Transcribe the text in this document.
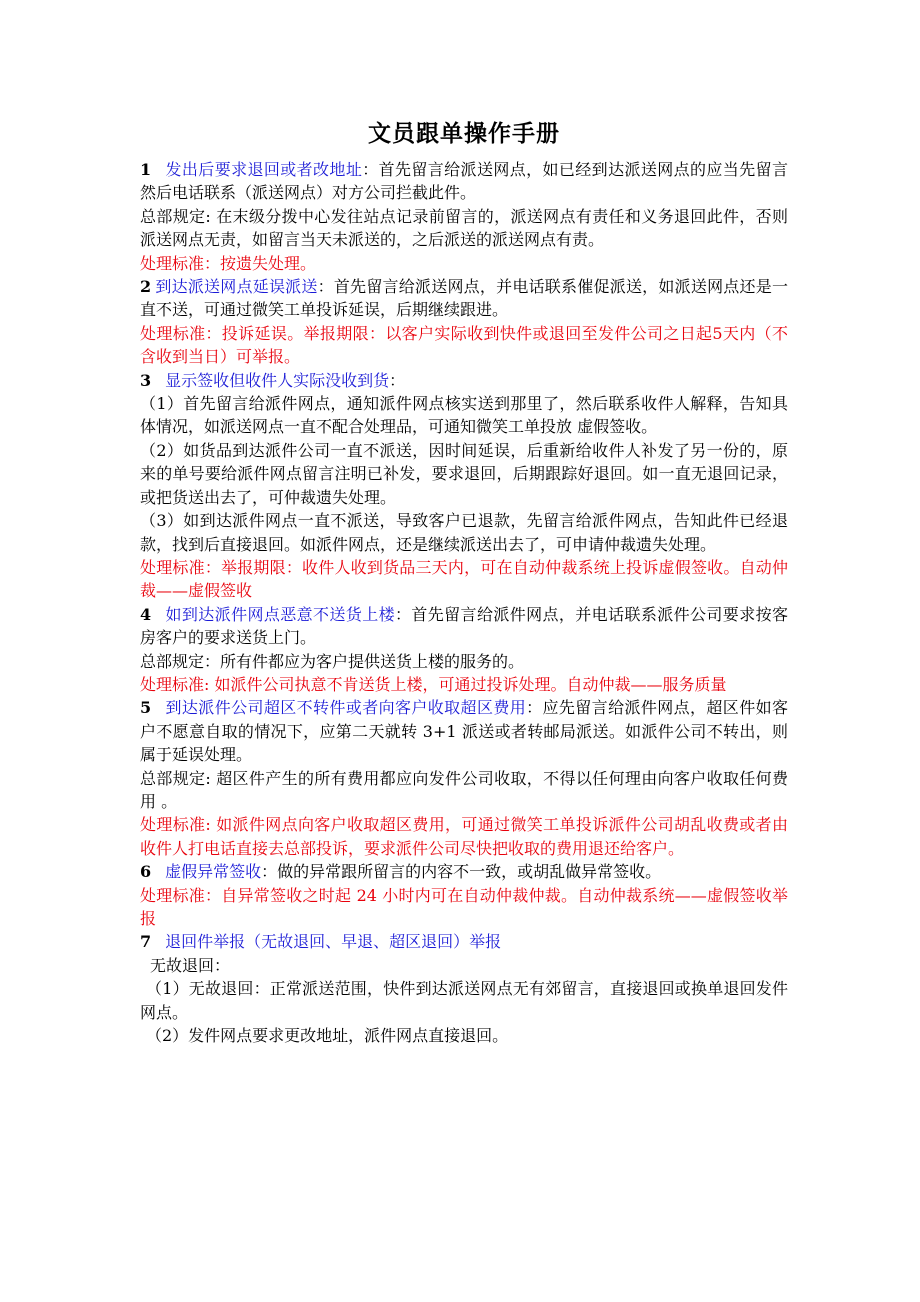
文员跟单操作手册

1 发出后要求退回或者改地址：首先留言给派送网点，如已经到达派送网点的应当先留言然后电话联系（派送网点）对方公司拦截此件。

总部规定: 在末级分拨中心发往站点记录前留言的，派送网点有责任和义务退回此件，否则派送网点无责，如留言当天未派送的，之后派送的派送网点有责。

处理标准：按遗失处理。

2 到达派送网点延误派送：首先留言给派送网点，并电话联系催促派送，如派送网点还是一直不送，可通过微笑工单投诉延误，后期继续跟进。

处理标准：投诉延误。举报期限：以客户实际收到快件或退回至发件公司之日起5天内（不含收到当日）可举报。

3 显示签收但收件人实际没收到货：

（1）首先留言给派件网点，通知派件网点核实送到那里了，然后联系收件人解释，告知具体情况，如派送网点一直不配合处理品，可通知微笑工单投放 虚假签收。

（2）如货品到达派件公司一直不派送，因时间延误，后重新给收件人补发了另一份的，原来的单号要给派件网点留言注明已补发，要求退回，后期跟踪好退回。如一直无退回记录，或把货送出去了，可仲裁遗失处理。

（3）如到达派件网点一直不派送，导致客户已退款，先留言给派件网点，告知此件已经退款，找到后直接退回。如派件网点，还是继续派送出去了，可申请仲裁遗失处理。

处理标准：举报期限：收件人收到货品三天内，可在自动仲裁系统上投诉虚假签收。自动仲裁——虚假签收

4 如到达派件网点恶意不送货上楼：首先留言给派件网点，并电话联系派件公司要求按客房客户的要求送货上门。

总部规定：所有件都应为客户提供送货上楼的服务的。

处理标准: 如派件公司执意不肯送货上楼，可通过投诉处理。自动仲裁——服务质量

5 到达派件公司超区不转件或者向客户收取超区费用：应先留言给派件网点，超区件如客户不愿意自取的情况下，应第二天就转 3+1 派送或者转邮局派送。如派件公司不转出，则属于延误处理。

总部规定: 超区件产生的所有费用都应向发件公司收取，不得以任何理由向客户收取任何费用 。

处理标准: 如派件网点向客户收取超区费用，可通过微笑工单投诉派件公司胡乱收费或者由收件人打电话直接去总部投诉，要求派件公司尽快把收取的费用退还给客户。

6 虚假异常签收：做的异常跟所留言的内容不一致，或胡乱做异常签收。

处理标准：自异常签收之时起 24 小时内可在自动仲裁仲裁。自动仲裁系统——虚假签收举报

7 退回件举报（无故退回、早退、超区退回）举报

无故退回：

（1）无故退回：正常派送范围，快件到达派送网点无有郊留言，直接退回或换单退回发件网点。

（2）发件网点要求更改地址，派件网点直接退回。
